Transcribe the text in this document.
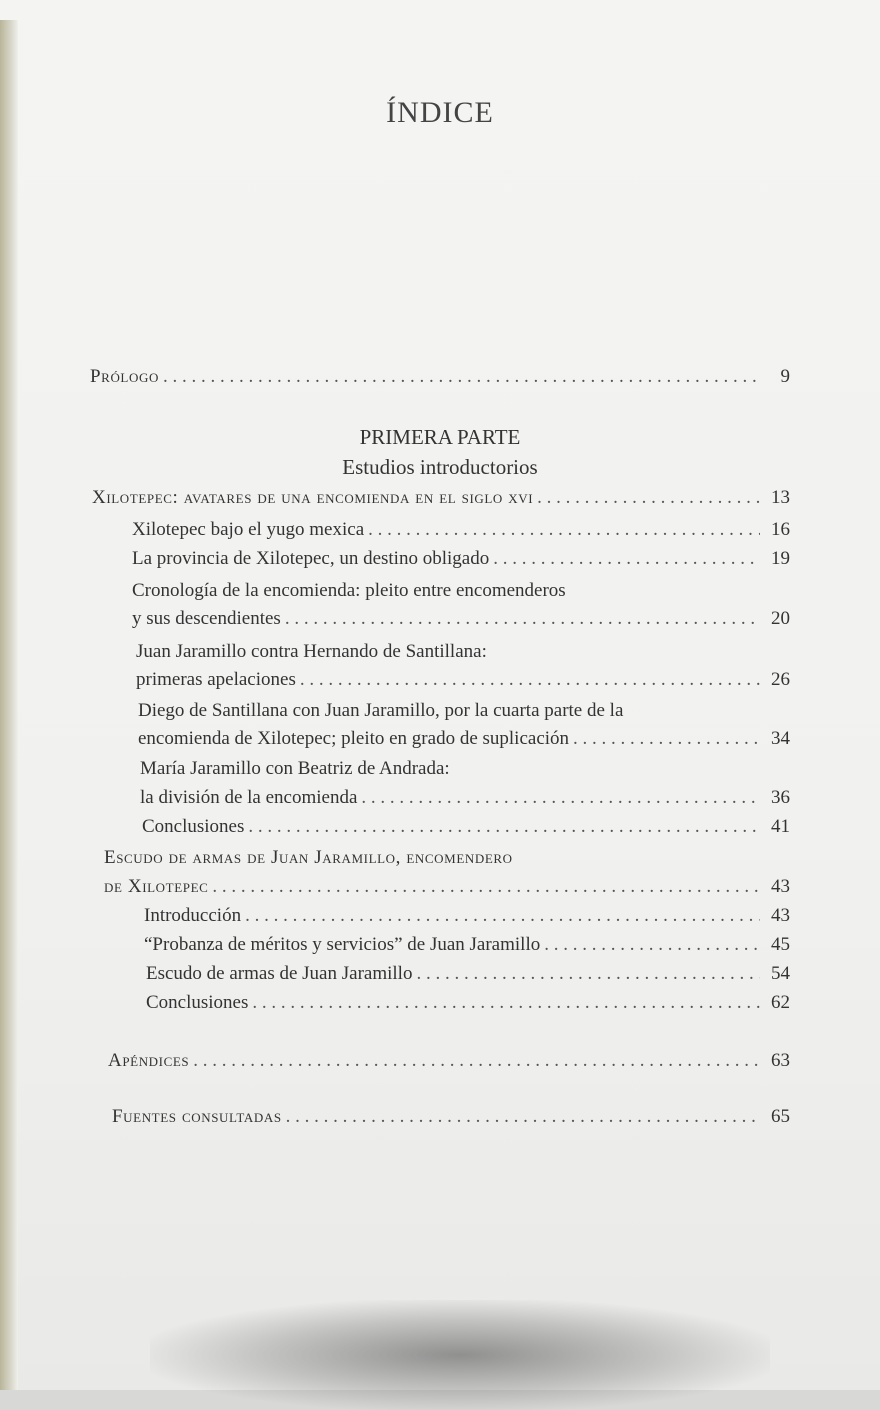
ÍNDICE
Prólogo . . .	9
PRIMERA PARTE
Estudios introductorios
Xilotepec: avatares de una encomienda en el siglo xvi . . .	13
Xilotepec bajo el yugo mexica . . .	16
La provincia de Xilotepec, un destino obligado . . .	19
Cronología de la encomienda: pleito entre encomenderos
y sus descendientes . . .	20
Juan Jaramillo contra Hernando de Santillana:
primeras apelaciones . . .	26
Diego de Santillana con Juan Jaramillo, por la cuarta parte de la
encomienda de Xilotepec; pleito en grado de suplicación . . .	34
María Jaramillo con Beatriz de Andrada:
la división de la encomienda . . .	36
Conclusiones . . .	41
Escudo de armas de Juan Jaramillo, encomendero
de Xilotepec . . .	43
Introducción . . .	43
“Probanza de méritos y servicios” de Juan Jaramillo . . .	45
Escudo de armas de Juan Jaramillo . . .	54
Conclusiones . . .	62
Apéndices . . .	63
Fuentes consultadas . . .	65
